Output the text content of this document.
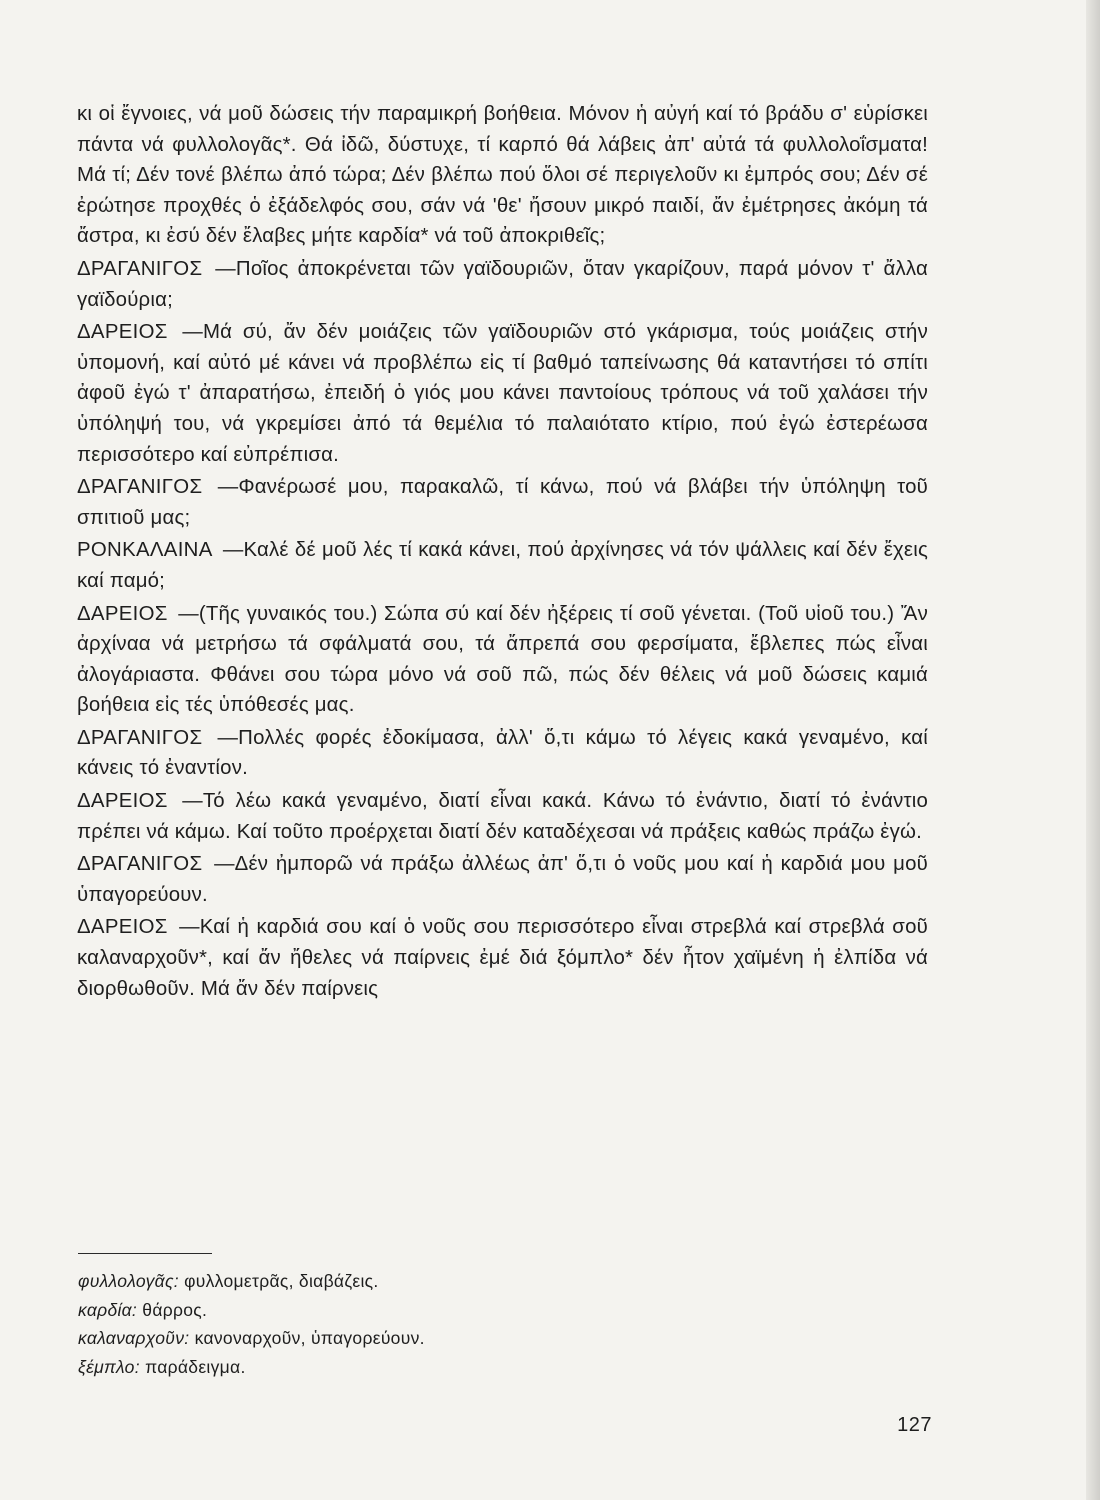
κι οἱ ἔγνοιες, νά μοῦ δώσεις τήν παραμικρή βοήθεια. Μόνον ἡ αὐγή καί τό βράδυ σ' εὑρίσκει πάντα νά φυλλολογᾶς*. Θά ἰδῶ, δύστυχε, τί καρπό θά λάβεις ἀπ' αὐτά τά φυλλολοΐσματα! Μά τί; Δέν τονέ βλέπω ἀπό τώρα; Δέν βλέπω πού ὅλοι σέ περιγελοῦν κι ἐμπρός σου; Δέν σέ ἐρώτησε προχθές ὁ ἐξάδελφός σου, σάν νά 'θε' ἤσουν μικρό παιδί, ἄν ἐμέτρησες ἀκόμη τά ἄστρα, κι ἐσύ δέν ἔλαβες μήτε καρδία* νά τοῦ ἀποκριθεῖς;

ΔΡΑΓΑΝΙΓΟΣ —Ποῖος ἀποκρένεται τῶν γαϊδουριῶν, ὅταν γκαρίζουν, παρά μόνον τ' ἄλλα γαϊδούρια;

ΔΑΡΕΙΟΣ —Μά σύ, ἄν δέν μοιάζεις τῶν γαϊδουριῶν στό γκάρισμα, τούς μοιάζεις στήν ὑπομονή, καί αὐτό μέ κάνει νά προβλέπω εἰς τί βαθμό ταπείνωσης θά καταντήσει τό σπίτι ἀφοῦ ἐγώ τ' ἀπαρατήσω, ἐπειδή ὁ γιός μου κάνει παντοίους τρόπους νά τοῦ χαλάσει τήν ὑπόληψή του, νά γκρεμίσει ἀπό τά θεμέλια τό παλαιότατο κτίριο, πού ἐγώ ἐστερέωσα περισσότερο καί εὐπρέπισα.

ΔΡΑΓΑΝΙΓΟΣ —Φανέρωσέ μου, παρακαλῶ, τί κάνω, πού νά βλάβει τήν ὑπόληψη τοῦ σπιτιοῦ μας;

ΡΟΝΚΑΛΑΙΝΑ —Καλέ δέ μοῦ λές τί κακά κάνει, πού ἀρχίνησες νά τόν ψάλλεις καί δέν ἔχεις καί παμό;

ΔΑΡΕΙΟΣ —(Τῆς γυναικός του.) Σώπα σύ καί δέν ἠξέρεις τί σοῦ γένεται. (Τοῦ υἱοῦ του.) Ἄν ἀρχίναα νά μετρήσω τά σφάλματά σου, τά ἄπρεπά σου φερσίματα, ἔβλεπες πώς εἶναι ἀλογάριαστα. Φθάνει σου τώρα μόνο νά σοῦ πῶ, πώς δέν θέλεις νά μοῦ δώσεις καμιά βοήθεια εἰς τές ὑπόθεσές μας.

ΔΡΑΓΑΝΙΓΟΣ —Πολλές φορές ἐδοκίμασα, ἀλλ' ὅ,τι κάμω τό λέγεις κακά γεναμένο, καί κάνεις τό ἐναντίον.

ΔΑΡΕΙΟΣ —Τό λέω κακά γεναμένο, διατί εἶναι κακά. Κάνω τό ἐνάντιο, διατί τό ἐνάντιο πρέπει νά κάμω. Καί τοῦτο προέρχεται διατί δέν καταδέχεσαι νά πράξεις καθώς πράζω ἐγώ.

ΔΡΑΓΑΝΙΓΟΣ —Δέν ἠμπορῶ νά πράξω ἀλλέως ἀπ' ὅ,τι ὁ νοῦς μου καί ἡ καρδιά μου μοῦ ὑπαγορεύουν.

ΔΑΡΕΙΟΣ —Καί ἡ καρδιά σου καί ὁ νοῦς σου περισσότερο εἶναι στρεβλά καί στρεβλά σοῦ καλαναρχοῦν*, καί ἄν ἤθελες νά παίρνεις ἐμέ διά ξόμπλο* δέν ἦτον χαϊμένη ἡ ἐλπίδα νά διορθωθοῦν. Μά ἄν δέν παίρνεις

φυλλολογᾶς: φυλλομετρᾶς, διαβάζεις.

καρδία: θάρρος.

καλαναρχοῦν: κανοναρχοῦν, ὑπαγορεύουν.

ξέμπλο: παράδειγμα.

127
